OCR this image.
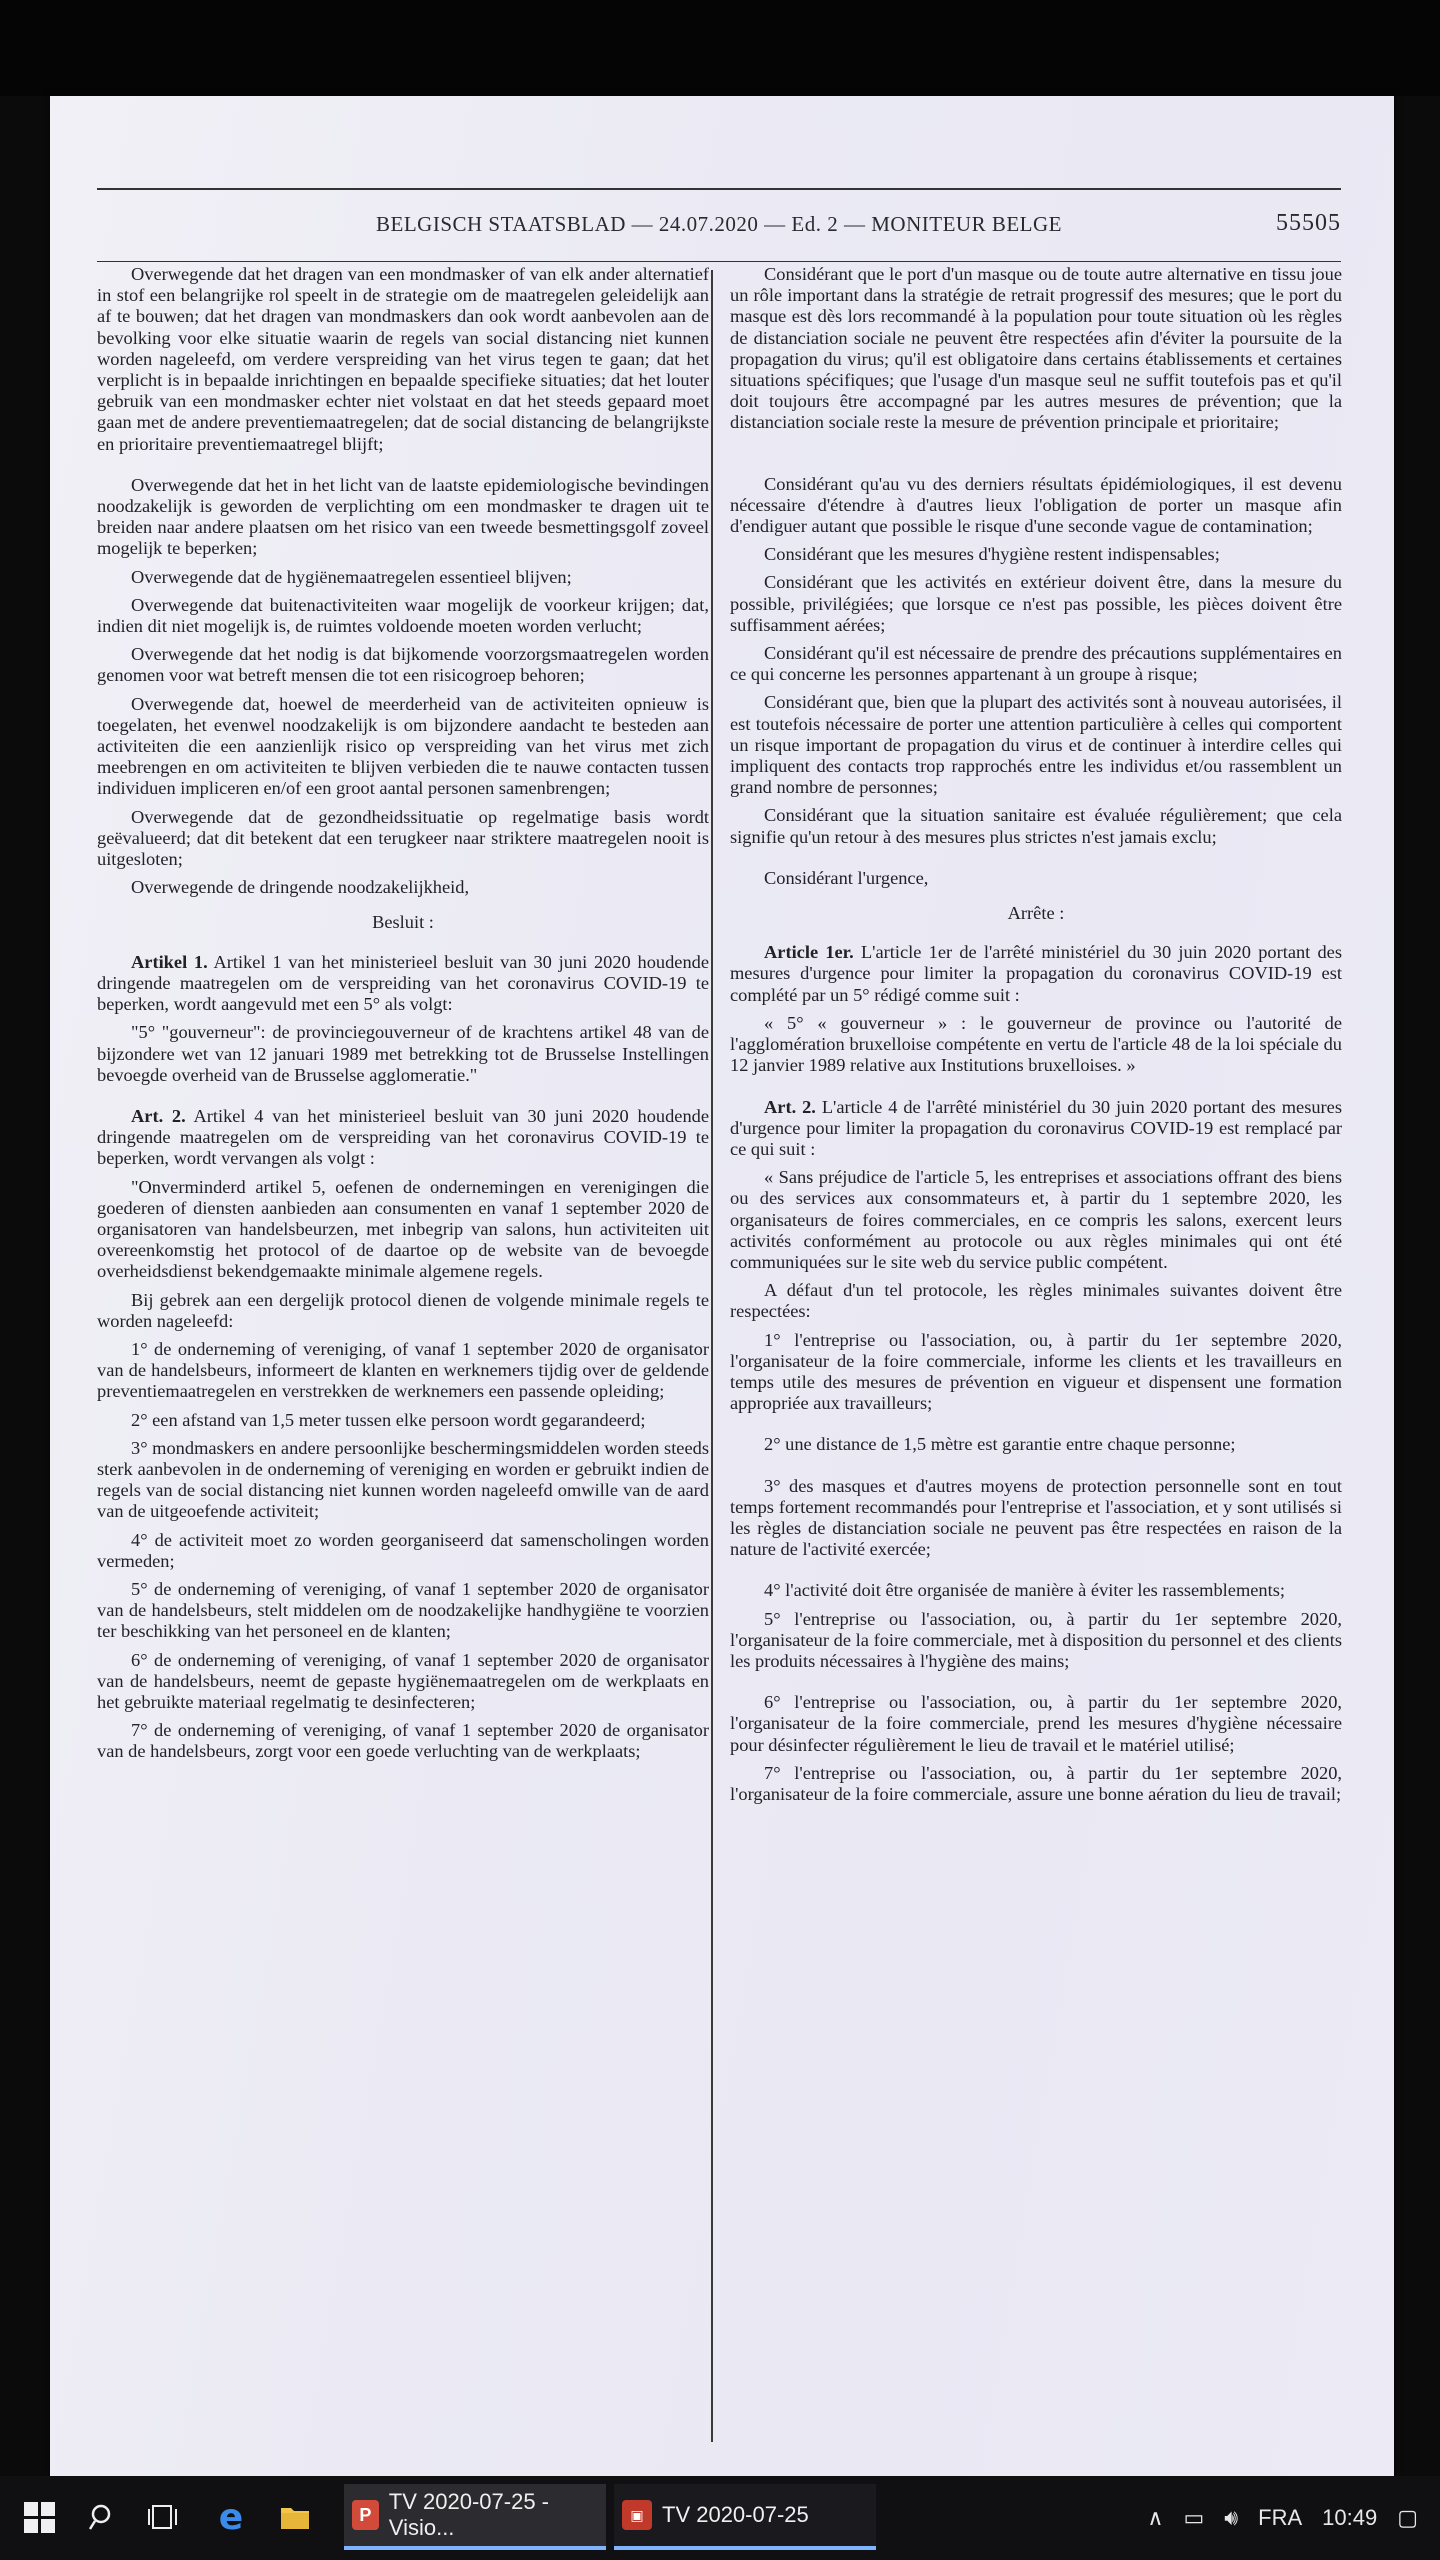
BELGISCH STAATSBLAD — 24.07.2020 — Ed. 2 — MONITEUR BELGE	55505

Overwegende dat het dragen van een mondmasker of van elk ander alternatief in stof een belangrijke rol speelt in de strategie om de maatregelen geleidelijk aan af te bouwen; dat het dragen van mondmaskers dan ook wordt aanbevolen aan de bevolking voor elke situatie waarin de regels van social distancing niet kunnen worden nageleefd, om verdere verspreiding van het virus tegen te gaan; dat het verplicht is in bepaalde inrichtingen en bepaalde specifieke situaties; dat het louter gebruik van een mondmasker echter niet volstaat en dat het steeds gepaard moet gaan met de andere preventiemaatregelen; dat de social distancing de belangrijkste en prioritaire preventiemaatregel blijft;

Overwegende dat het in het licht van de laatste epidemiologische bevindingen noodzakelijk is geworden de verplichting om een mondmasker te dragen uit te breiden naar andere plaatsen om het risico van een tweede besmettingsgolf zoveel mogelijk te beperken;

Overwegende dat de hygiënemaatregelen essentieel blijven;

Overwegende dat buitenactiviteiten waar mogelijk de voorkeur krijgen; dat, indien dit niet mogelijk is, de ruimtes voldoende moeten worden verlucht;

Overwegende dat het nodig is dat bijkomende voorzorgsmaatregelen worden genomen voor wat betreft mensen die tot een risicogroep behoren;

Overwegende dat, hoewel de meerderheid van de activiteiten opnieuw is toegelaten, het evenwel noodzakelijk is om bijzondere aandacht te besteden aan activiteiten die een aanzienlijk risico op verspreiding van het virus met zich meebrengen en om activiteiten te blijven verbieden die te nauwe contacten tussen individuen impliceren en/of een groot aantal personen samenbrengen;

Overwegende dat de gezondheidssituatie op regelmatige basis wordt geëvalueerd; dat dit betekent dat een terugkeer naar striktere maatregelen nooit is uitgesloten;

Overwegende de dringende noodzakelijkheid,

Besluit :

Artikel 1. Artikel 1 van het ministerieel besluit van 30 juni 2020 houdende dringende maatregelen om de verspreiding van het coronavirus COVID-19 te beperken, wordt aangevuld met een 5° als volgt:

"5° "gouverneur": de provinciegouverneur of de krachtens artikel 48 van de bijzondere wet van 12 januari 1989 met betrekking tot de Brusselse Instellingen bevoegde overheid van de Brusselse agglomeratie."

Art. 2. Artikel 4 van het ministerieel besluit van 30 juni 2020 houdende dringende maatregelen om de verspreiding van het coronavirus COVID-19 te beperken, wordt vervangen als volgt :

"Onverminderd artikel 5, oefenen de ondernemingen en verenigingen die goederen of diensten aanbieden aan consumenten en vanaf 1 september 2020 de organisatoren van handelsbeurzen, met inbegrip van salons, hun activiteiten uit overeenkomstig het protocol of de daartoe op de website van de bevoegde overheidsdienst bekendgemaakte minimale algemene regels.

Bij gebrek aan een dergelijk protocol dienen de volgende minimale regels te worden nageleefd:

1° de onderneming of vereniging, of vanaf 1 september 2020 de organisator van de handelsbeurs, informeert de klanten en werknemers tijdig over de geldende preventiemaatregelen en verstrekken de werknemers een passende opleiding;

2° een afstand van 1,5 meter tussen elke persoon wordt gegarandeerd;

3° mondmaskers en andere persoonlijke beschermingsmiddelen worden steeds sterk aanbevolen in de onderneming of vereniging en worden er gebruikt indien de regels van de social distancing niet kunnen worden nageleefd omwille van de aard van de uitgeoefende activiteit;

4° de activiteit moet zo worden georganiseerd dat samenscholingen worden vermeden;

5° de onderneming of vereniging, of vanaf 1 september 2020 de organisator van de handelsbeurs, stelt middelen om de noodzakelijke handhygiëne te voorzien ter beschikking van het personeel en de klanten;

6° de onderneming of vereniging, of vanaf 1 september 2020 de organisator van de handelsbeurs, neemt de gepaste hygiënemaatregelen om de werkplaats en het gebruikte materiaal regelmatig te desinfecteren;

7° de onderneming of vereniging, of vanaf 1 september 2020 de organisator van de handelsbeurs, zorgt voor een goede verluchting van de werkplaats;

Considérant que le port d'un masque ou de toute autre alternative en tissu joue un rôle important dans la stratégie de retrait progressif des mesures; que le port du masque est dès lors recommandé à la population pour toute situation où les règles de distanciation sociale ne peuvent être respectées afin d'éviter la poursuite de la propagation du virus; qu'il est obligatoire dans certains établissements et certaines situations spécifiques; que l'usage d'un masque seul ne suffit toutefois pas et qu'il doit toujours être accompagné par les autres mesures de prévention; que la distanciation sociale reste la mesure de prévention principale et prioritaire;

Considérant qu'au vu des derniers résultats épidémiologiques, il est devenu nécessaire d'étendre à d'autres lieux l'obligation de porter un masque afin d'endiguer autant que possible le risque d'une seconde vague de contamination;

Considérant que les mesures d'hygiène restent indispensables;

Considérant que les activités en extérieur doivent être, dans la mesure du possible, privilégiées; que lorsque ce n'est pas possible, les pièces doivent être suffisamment aérées;

Considérant qu'il est nécessaire de prendre des précautions supplémentaires en ce qui concerne les personnes appartenant à un groupe à risque;

Considérant que, bien que la plupart des activités sont à nouveau autorisées, il est toutefois nécessaire de porter une attention particulière à celles qui comportent un risque important de propagation du virus et de continuer à interdire celles qui impliquent des contacts trop rapprochés entre les individus et/ou rassemblent un grand nombre de personnes;

Considérant que la situation sanitaire est évaluée régulièrement; que cela signifie qu'un retour à des mesures plus strictes n'est jamais exclu;

Considérant l'urgence,

Arrête :

Article 1er. L'article 1er de l'arrêté ministériel du 30 juin 2020 portant des mesures d'urgence pour limiter la propagation du coronavirus COVID-19 est complété par un 5° rédigé comme suit :

« 5° « gouverneur » : le gouverneur de province ou l'autorité de l'agglomération bruxelloise compétente en vertu de l'article 48 de la loi spéciale du 12 janvier 1989 relative aux Institutions bruxelloises. »

Art. 2. L'article 4 de l'arrêté ministériel du 30 juin 2020 portant des mesures d'urgence pour limiter la propagation du coronavirus COVID-19 est remplacé par ce qui suit :

« Sans préjudice de l'article 5, les entreprises et associations offrant des biens ou des services aux consommateurs et, à partir du 1 septembre 2020, les organisateurs de foires commerciales, en ce compris les salons, exercent leurs activités conformément au protocole ou aux règles minimales qui ont été communiquées sur le site web du service public compétent.

A défaut d'un tel protocole, les règles minimales suivantes doivent être respectées:

1° l'entreprise ou l'association, ou, à partir du 1er septembre 2020, l'organisateur de la foire commerciale, informe les clients et les travailleurs en temps utile des mesures de prévention en vigueur et dispensent une formation appropriée aux travailleurs;

2° une distance de 1,5 mètre est garantie entre chaque personne;

3° des masques et d'autres moyens de protection personnelle sont en tout temps fortement recommandés pour l'entreprise et l'association, et y sont utilisés si les règles de distanciation sociale ne peuvent pas être respectées en raison de la nature de l'activité exercée;

4° l'activité doit être organisée de manière à éviter les rassemblements;

5° l'entreprise ou l'association, ou, à partir du 1er septembre 2020, l'organisateur de la foire commerciale, met à disposition du personnel et des clients les produits nécessaires à l'hygiène des mains;

6° l'entreprise ou l'association, ou, à partir du 1er septembre 2020, l'organisateur de la foire commerciale, prend les mesures d'hygiène nécessaire pour désinfecter régulièrement le lieu de travail et le matériel utilisé;

7° l'entreprise ou l'association, ou, à partir du 1er septembre 2020, l'organisateur de la foire commerciale, assure une bonne aération du lieu de travail;

e	P
TV 2020-07-25 - Visio...
▣ TV 2020-07-25	∧ ▭ 🔊︎ FRA 10:49 ▢
